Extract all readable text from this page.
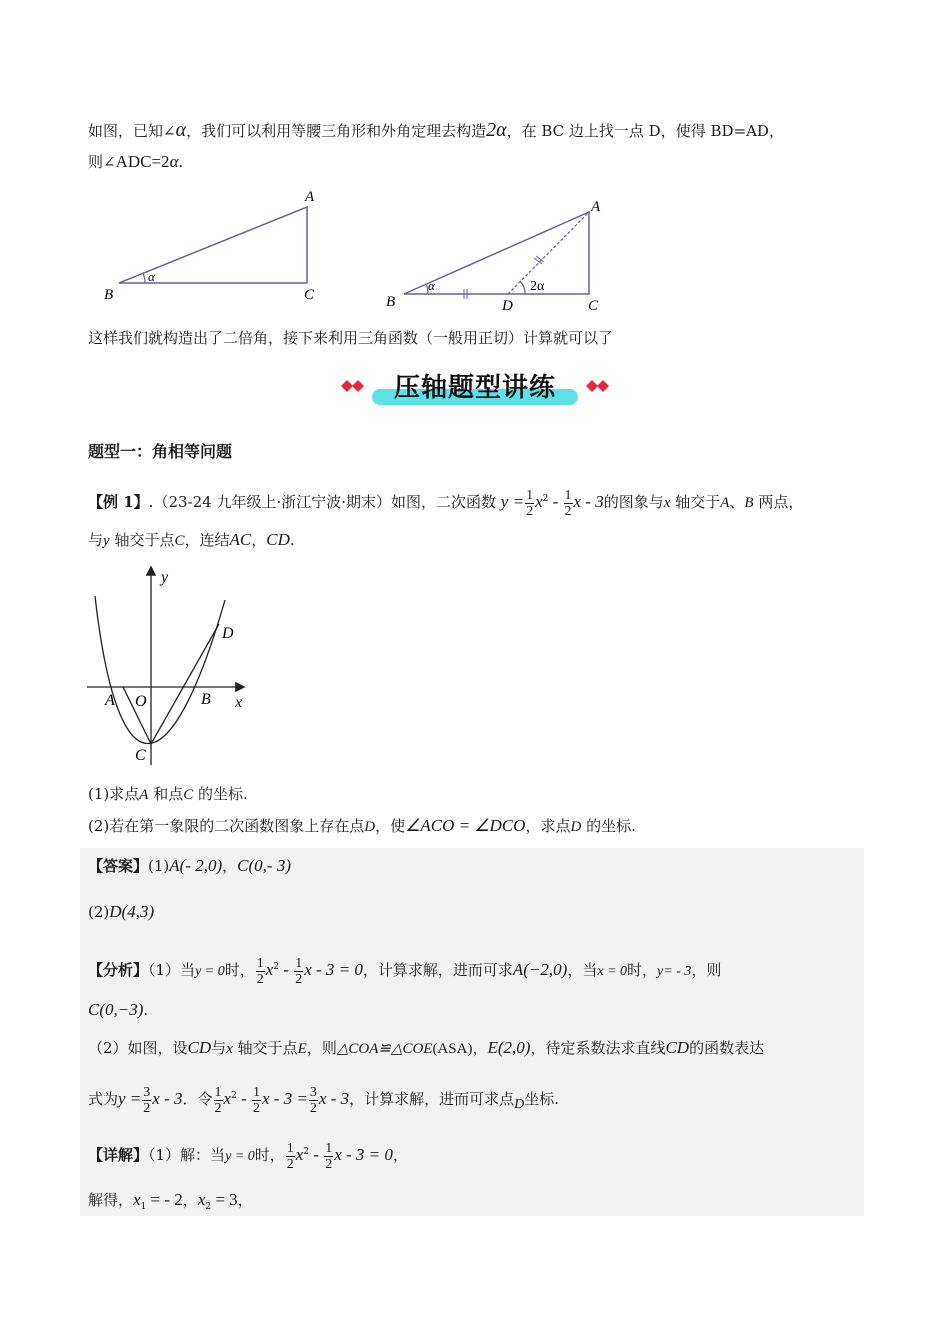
如图，已知∠α，我们可以利用等腰三角形和外角定理去构造2α，在 BC 边上找一点 D，使得 BD=AD，
则∠ADC=2α.
A
B	C
α
A
B	D	C
α	2α
这样我们就构造出了二倍角，接下来利用三角函数（一般用正切）计算就可以了
压轴题型讲练
题型一：角相等问题
【例 1】.（23-24 九年级上·浙江宁波·期末）如图，二次函数 $y = \frac{1}{2} x^2 - \frac{1}{2}$ x - 3的图象与x 轴交于A、B 两点，
与y 轴交于点C，连结AC，CD.
y
x
A O	B
C
D
(1)求点A 和点C 的坐标.
(2)若在第一象限的二次函数图象上存在点D，使∠ACO = ∠DCO，求点D 的坐标.
【答案】(1)A(- 2,0)，C(0,- 3)
(2)D(4,3)
【分析】（1）当y = 0时， $\frac{1}{2} x^2 - \frac{1}{2}$ x - 3 = 0，计算求解，进而可求A(−2,0)，当x = 0时，y= - 3，则
C(0,−3).
（2）如图，设CD与x 轴交于点E，则△COA≌△COE(ASA)，E(2,0)，待定系数法求直线CD的函数表达
式为$y = \frac{3}{2}$ x - 3．令 $\frac{1}{2} x^2 - \frac{1}{2}$ $x - 3 = \frac{3}{2}$ x - 3，计算求解，进而可求点D坐标.
【详解】（1）解：当y = 0时， $\frac{1}{2} x^2 - \frac{1}{2}$ x - 3 = 0，
解得，$x_1$ = - 2，$x_2 = 3$，
